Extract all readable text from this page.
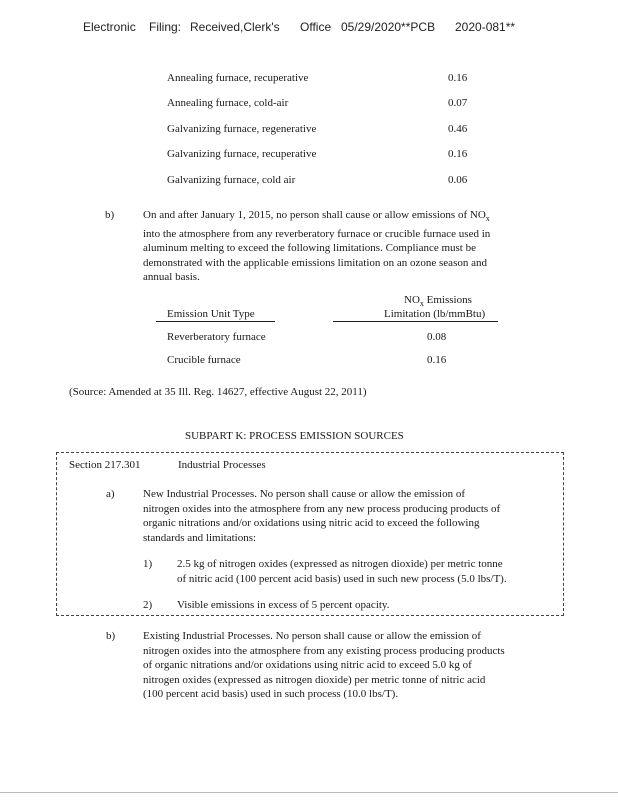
Electronic Filing: Received,Clerk's Office 05/29/2020**PCB 2020-081**
Annealing furnace, recuperative	0.16
Annealing furnace, cold-air	0.07
Galvanizing furnace, regenerative	0.46
Galvanizing furnace, recuperative	0.16
Galvanizing furnace, cold air	0.06
b)	On and after January 1, 2015, no person shall cause or allow emissions of $NO_x$
into the atmosphere from any reverberatory furnace or crucible furnace used in
aluminum melting to exceed the following limitations. Compliance must be
demonstrated with the applicable emissions limitation on an ozone season and
annual basis.
$NO_x$ Emissions
Emission Unit Type	Limitation (lb/mmBtu)
Reverberatory furnace	0.08
Crucible furnace	0.16
(Source: Amended at 35 Ill. Reg. 14627, effective August 22, 2011)
SUBPART K: PROCESS EMISSION SOURCES
Section 217.301	Industrial Processes
a)	New Industrial Processes. No person shall cause or allow the emission of
nitrogen oxides into the atmosphere from any new process producing products of
organic nitrations and/or oxidations using nitric acid to exceed the following
standards and limitations:
1) 2.5 kg of nitrogen oxides (expressed as nitrogen dioxide) per metric tonne
of nitric acid (100 percent acid basis) used in such new process (5.0 lbs/T).
2) Visible emissions in excess of 5 percent opacity.
b)	Existing Industrial Processes. No person shall cause or allow the emission of
nitrogen oxides into the atmosphere from any existing process producing products
of organic nitrations and/or oxidations using nitric acid to exceed 5.0 kg of
nitrogen oxides (expressed as nitrogen dioxide) per metric tonne of nitric acid
(100 percent acid basis) used in such process (10.0 lbs/T).
